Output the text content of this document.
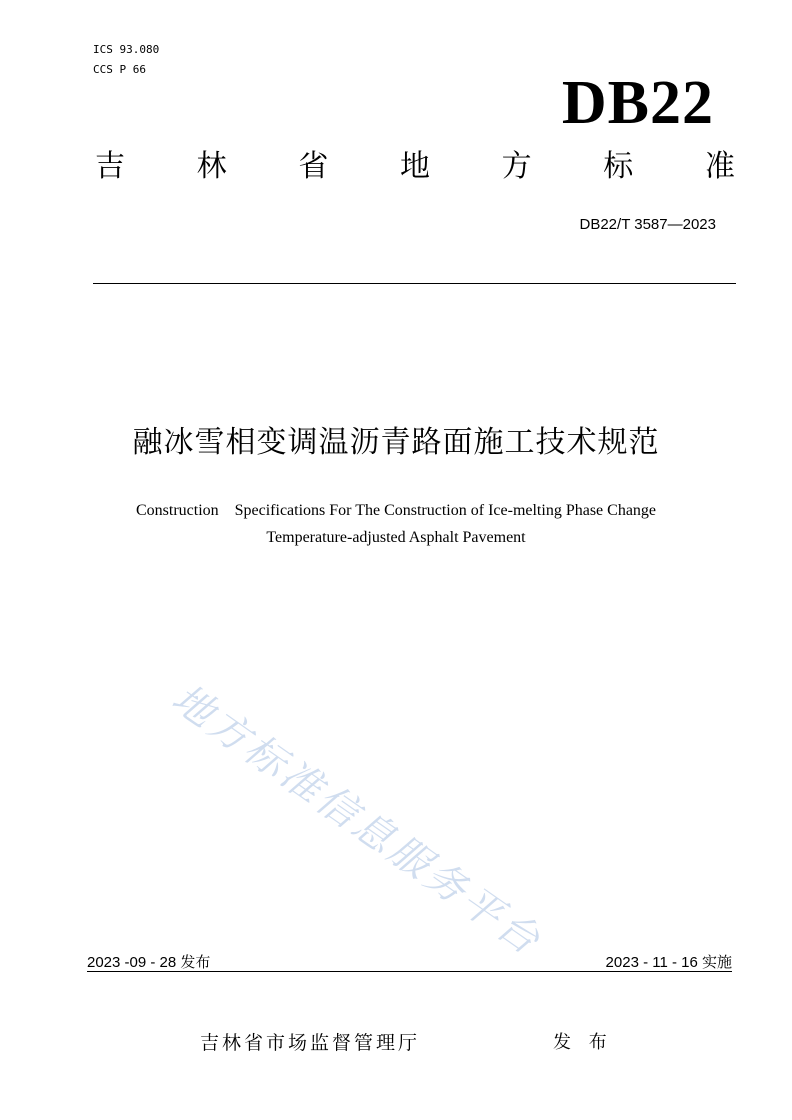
ICS 93.080
CCS P 66	DB22
吉 林 省 地 方 标 准
DB22/T 3587—2023
融冰雪相变调温沥青路面施工技术规范
Construction　Specifications For The Construction of Ice-melting Phase Change
Temperature-adjusted Asphalt Pavement
地方标准信息服务平台
2023 -09 - 28 发布	2023 - 11 - 16 实施
吉林省市场监督管理厅	发 布
